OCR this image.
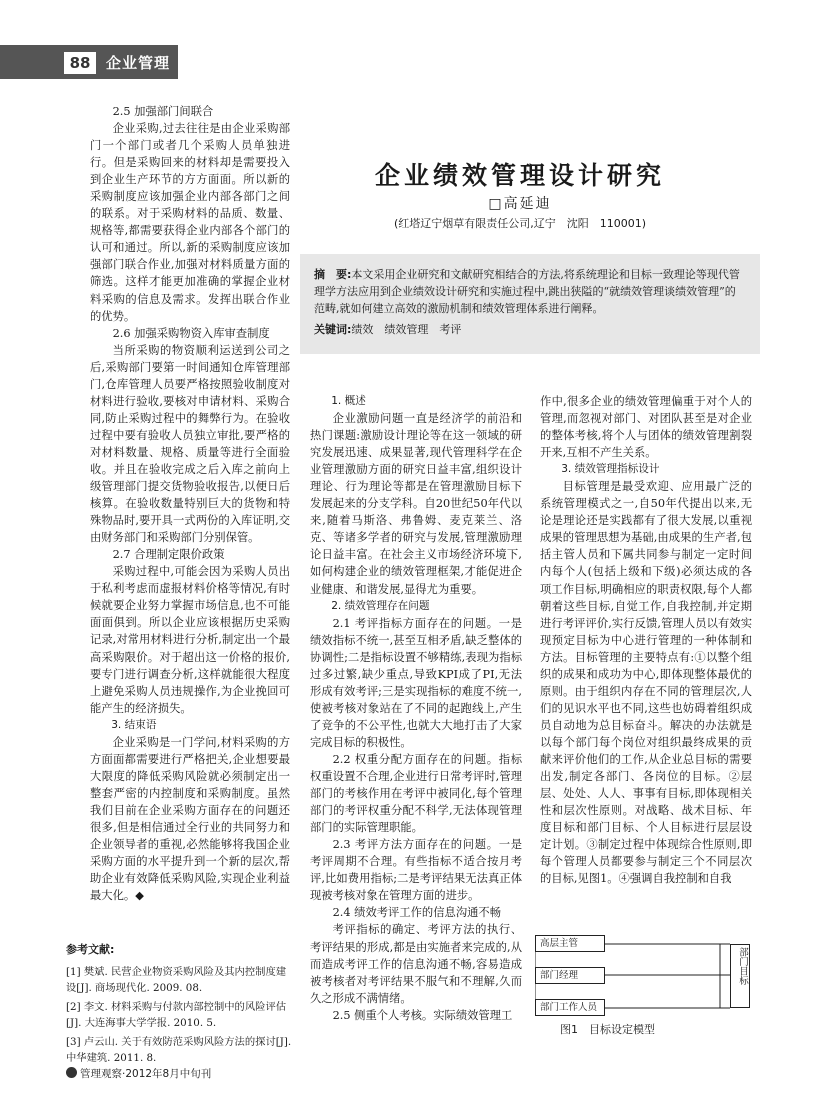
88	企业管理

2.5 加强部门间联合

企业采购,过去往往是由企业采购部门一个部门或者几个采购人员单独进行。但是采购回来的材料却是需要投入到企业生产环节的方方面面。所以新的采购制度应该加强企业内部各部门之间的联系。对于采购材料的品质、数量、规格等,都需要获得企业内部各个部门的认可和通过。所以,新的采购制度应该加强部门联合作业,加强对材料质量方面的筛选。这样才能更加准确的掌握企业材料采购的信息及需求。发挥出联合作业的优势。

2.6 加强采购物资入库审查制度

当所采购的物资顺利运送到公司之后,采购部门要第一时间通知仓库管理部门,仓库管理人员要严格按照验收制度对材料进行验收,要核对申请材料、采购合同,防止采购过程中的舞弊行为。在验收过程中要有验收人员独立审批,要严格的对材料数量、规格、质量等进行全面验收。并且在验收完成之后入库之前向上级管理部门提交货物验收报告,以便日后核算。在验收数量特别巨大的货物和特殊物品时,要开具一式两份的入库证明,交由财务部门和采购部门分别保管。

2.7 合理制定限价政策

采购过程中,可能会因为采购人员出于私利考虑而虚报材料价格等情况,有时候就要企业努力掌握市场信息,也不可能面面俱到。所以企业应该根据历史采购记录,对常用材料进行分析,制定出一个最高采购限价。对于超出这一价格的报价,要专门进行调查分析,这样就能很大程度上避免采购人员违规操作,为企业挽回可能产生的经济损失。

3. 结束语

企业采购是一门学问,材料采购的方方面面都需要进行严格把关,企业想要最大限度的降低采购风险就必须制定出一整套严密的内控制度和采购制度。虽然我们目前在企业采购方面存在的问题还很多,但是相信通过全行业的共同努力和企业领导者的重视,必然能够将我国企业采购方面的水平提升到一个新的层次,帮助企业有效降低采购风险,实现企业利益最大化。◆

企业绩效管理设计研究
□高延迪
(红塔辽宁烟草有限责任公司,辽宁　沈阳　110001)
摘　要:本文采用企业研究和文献研究相结合的方法,将系统理论和目标一致理论等现代管理学方法应用到企业绩效设计研究和实施过程中,跳出狭隘的“就绩效管理谈绩效管理”的范畴,就如何建立高效的激励机制和绩效管理体系进行阐释。
关键词:绩效　绩效管理　考评

1. 概述

企业激励问题一直是经济学的前沿和热门课题:激励设计理论等在这一领域的研究发展迅速、成果显著,现代管理科学在企业管理激励方面的研究日益丰富,组织设计理论、行为理论等都是在管理激励目标下发展起来的分支学科。自20世纪50年代以来,随着马斯洛、弗鲁姆、麦克莱兰、洛克、等诸多学者的研究与发展,管理激励理论日益丰富。在社会主义市场经济环境下,如何构建企业的绩效管理框架,才能促进企业健康、和谐发展,显得尤为重要。

2. 绩效管理存在问题

2.1 考评指标方面存在的问题。一是绩效指标不统一,甚至互相矛盾,缺乏整体的协调性;二是指标设置不够精练,表现为指标过多过繁,缺少重点,导致KPI成了PI,无法形成有效考评;三是实现指标的难度不统一,使被考核对象站在了不同的起跑线上,产生了竞争的不公平性,也就大大地打击了大家完成目标的积极性。

2.2 权重分配方面存在的问题。指标权重设置不合理,企业进行日常考评时,管理部门的考核作用在考评中被同化,每个管理部门的考评权重分配不科学,无法体现管理部门的实际管理职能。

2.3 考评方法方面存在的问题。一是考评周期不合理。有些指标不适合按月考评,比如费用指标;二是考评结果无法真正体现被考核对象在管理方面的进步。

2.4 绩效考评工作的信息沟通不畅

考评指标的确定、考评方法的执行、考评结果的形成,都是由实施者来完成的,从而造成考评工作的信息沟通不畅,容易造成被考核者对考评结果不服气和不理解,久而久之形成不满情绪。

2.5 侧重个人考核。实际绩效管理工

作中,很多企业的绩效管理偏重于对个人的管理,而忽视对部门、对团队甚至是对企业的整体考核,将个人与团体的绩效管理割裂开来,互相不产生关系。

3. 绩效管理指标设计

目标管理是最受欢迎、应用最广泛的系统管理模式之一,自50年代提出以来,无论是理论还是实践都有了很大发展,以重视成果的管理思想为基础,由成果的生产者,包括主管人员和下属共同参与制定一定时间内每个人(包括上级和下级)必须达成的各项工作目标,明确相应的职责权限,每个人都朝着这些目标,自觉工作,自我控制,并定期进行考评评价,实行反馈,管理人员以有效实现预定目标为中心进行管理的一种体制和方法。目标管理的主要特点有:①以整个组织的成果和成功为中心,即体现整体最优的原则。由于组织内存在不同的管理层次,人们的见识水平也不同,这些也妨碍着组织成员自动地为总目标奋斗。解决的办法就是以每个部门每个岗位对组织最终成果的贡献来评价他们的工作,从企业总目标的需要出发,制定各部门、各岗位的目标。②层层、处处、人人、事事有目标,即体现相关性和层次性原则。对战略、战术目标、年度目标和部门目标、个人目标进行层层设定计划。③制定过程中体现综合性原则,即每个管理人员都要参与制定三个不同层次的目标,见图1。④强调自我控制和自我

参考文献:
[1] 樊斌. 民营企业物资采购风险及其内控制度建设[J]. 商场现代化. 2009. 08.
[2] 李文. 材料采购与付款内部控制中的风险评估[J]. 大连海事大学学报. 2010. 5.
[3] 卢云山. 关于有效防范采购风险方法的探讨[J]. 中华建筑. 2011. 8.
高层主管
部门经理
部门工作人员
部门目标
图1　目标设定模型
管理观察·2012年8月中旬刊
